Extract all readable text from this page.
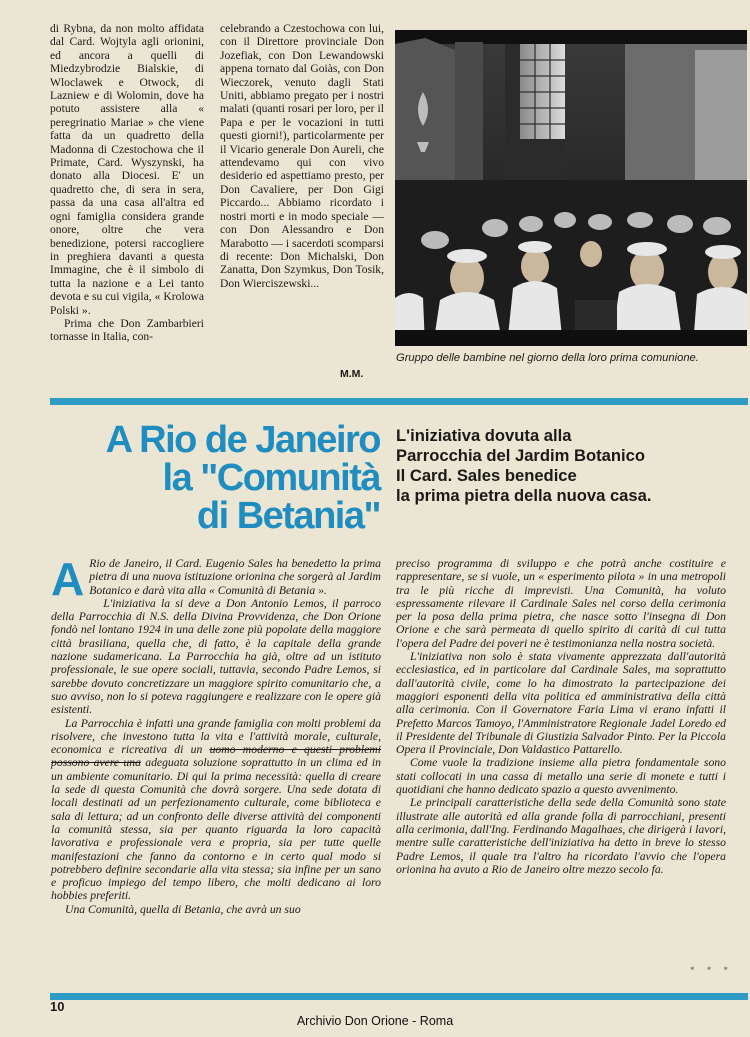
di Rybna, da non molto affidata dal Card. Wojtyla agli orionini, ed ancora a quelli di Miedzybrodzie Bialskie, di Wloclawek e Otwock, di Lazniew e di Wolomin, dove ha potuto assistere alla « peregrinatio Mariae » che viene fatta da un quadretto della Madonna di Czestochowa che il Primate, Card. Wyszynski, ha donato alla Diocesi. E' un quadretto che, di sera in sera, passa da una casa all'altra ed ogni famiglia considera grande onore, oltre che vera benedizione, potersi raccogliere in preghiera davanti a questa Immagine, che è il simbolo di tutta la nazione e a Lei tanto devota e su cui vigila, « Krolowa Polski ».

Prima che Don Zambarbieri tornasse in Italia, con-

celebrando a Czestochowa con lui, con il Direttore provinciale Don Jozefiak, con Don Lewandowski appena tornato dal Goiàs, con Don Wieczorek, venuto dagli Stati Uniti, abbiamo pregato per i nostri malati (quanti rosari per loro, per il Papa e per le vocazioni in tutti questi giorni!), particolarmente per il Vicario generale Don Aureli, che attendevamo qui con vivo desiderio ed aspettiamo presto, per Don Cavaliere, per Don Gigi Piccardo... Abbiamo ricordato i nostri morti e in modo speciale — con Don Alessandro e Don Marabotto — i sacerdoti scomparsi di recente: Don Michalski, Don Zanatta, Don Szymkus, Don Tosik, Don Wierciszewski...

M.M.
Gruppo delle bambine nel giorno della loro prima comunione.
A Rio de Janeiro
la "Comunità
di Betania"
L'iniziativa dovuta alla
Parrocchia del Jardim Botanico
Il Card. Sales benedice
la prima pietra della nuova casa.

A Rio de Janeiro, il Card. Eugenio Sales ha benedetto la prima pietra di una nuova istituzione orionina che sorgerà al Jardim Botanico e darà vita alla « Comunità di Betania ».

L'iniziativa la si deve a Don Antonio Lemos, il parroco della Parrocchia di N.S. della Divina Provvidenza, che Don Orione fondò nel lontano 1924 in una delle zone più popolate della maggiore città brasiliana, quella che, di fatto, è la capitale della grande nazione sudamericana. La Parrocchia ha già, oltre ad un istituto professionale, le sue opere sociali, tuttavia, secondo Padre Lemos, si sarebbe dovuto concretizzare un maggiore spirito comunitario che, a suo avviso, non lo si poteva raggiungere e realizzare con le opere già esistenti.

La Parrocchia è infatti una grande famiglia con molti problemi da risolvere, che investono tutta la vita e l'attività morale, culturale, economica e ricreativa di un uomo moderno e questi problemi possono avere una adeguata soluzione soprattutto in un clima ed in un ambiente comunitario. Di qui la prima necessità: quella di creare la sede di questa Comunità che dovrà sorgere. Una sede dotata di locali destinati ad un perfezionamento culturale, come biblioteca e sala di lettura; ad un confronto delle diverse attività dei componenti la comunità stessa, sia per quanto riguarda la loro capacità lavorativa e professionale vera e propria, sia per tutte quelle manifestazioni che fanno da contorno e in certo qual modo si potrebbero definire secondarie alla vita stessa; sia infine per un sano e proficuo impiego del tempo libero, che molti dedicano ai loro hobbies preferiti.

Una Comunità, quella di Betania, che avrà un suo

preciso programma di sviluppo e che potrà anche costituire e rappresentare, se si vuole, un « esperimento pilota » in una metropoli tra le più ricche di imprevisti. Una Comunità, ha voluto espressamente rilevare il Cardinale Sales nel corso della cerimonia per la posa della prima pietra, che nasce sotto l'insegna di Don Orione e che sarà permeata di quello spirito di carità di cui tutta l'opera del Padre dei poveri ne è testimonianza nella nostra società.

L'iniziativa non solo è stata vivamente apprezzata dall'autorità ecclesiastica, ed in particolare dal Cardinale Sales, ma soprattutto dall'autorità civile, come lo ha dimostrato la partecipazione dei maggiori esponenti della vita politica ed amministrativa della città alla cerimonia. Con il Governatore Faria Lima vi erano infatti il Prefetto Marcos Tamoyo, l'Amministratore Regionale Jadel Loredo ed il Presidente del Tribunale di Giustizia Salvador Pinto. Per la Piccola Opera il Provinciale, Don Valdastico Pattarello.

Come vuole la tradizione insieme alla pietra fondamentale sono stati collocati in una cassa di metallo una serie di monete e tutti i quotidiani che hanno dedicato spazio a questo avvenimento.

Le principali caratteristiche della sede della Comunità sono state illustrate alle autorità ed alla grande folla di parrocchiani, presenti alla cerimonia, dall'Ing. Ferdinando Magalhaes, che dirigerà i lavori, mentre sulle caratteristiche dell'iniziativa ha detto in breve lo stesso Padre Lemos, il quale tra l'altro ha ricordato l'avvio che l'opera orionina ha avuto a Rio de Janeiro oltre mezzo secolo fa.

* * *
10
Archivio Don Orione - Roma
